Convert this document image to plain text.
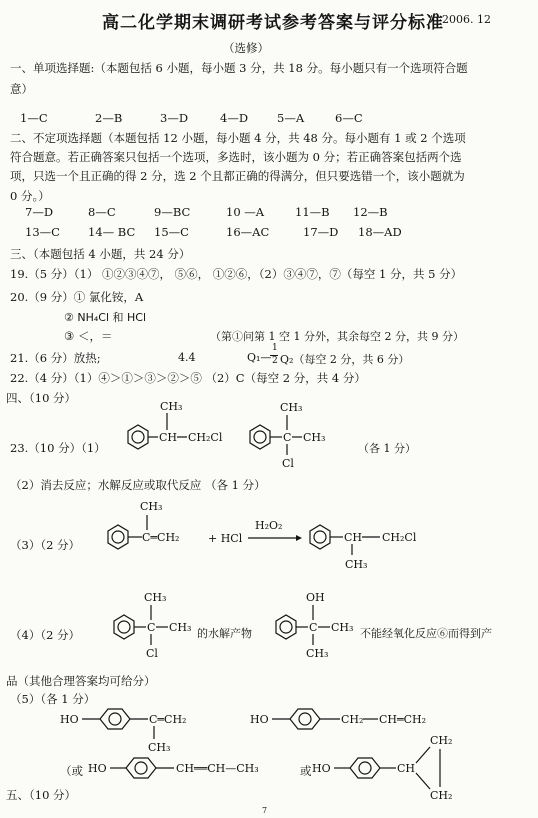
高二化学期末调研考试参考答案与评分标准
2006. 12
（选修）
一、单项选择题:（本题包括 6 小题，每小题 3 分，共 18 分。每小题只有一个选项符合题
意）
1—C	2—B	3—D	4—D	5—A	6—C
二、不定项选择题（本题包括 12 小题，每小题 4 分，共 48 分。每小题有 1 或 2 个选项
符合题意。若正确答案只包括一个选项，多选时，该小题为 0 分；若正确答案包括两个选
项，只选一个且正确的得 2 分，选 2 个且都正确的得满分，但只要选错一个，该小题就为
0 分。）
7—D	8—C	9—BC	10 —A	11—B 12—B
13—C 14— BC 15—C	16—AC	17—D 18—AD
三、（本题包括 4 小题，共 24 分）
19.（5 分）（1） ①②③④⑦， ⑤⑥， ①②⑥，（2）③④⑦，⑦（每空 1 分，共 5 分）
20.（9 分）① 氯化铵，A
② NH₄Cl 和 HCl
③ ＜，＝	（第①问第 1 空 1 分外，其余每空 2 分，共 9 分）
21.（6 分）放热;	4.4	Q₁—
1
2 Q₂（每空 2 分，共 6 分）
22.（4 分）（1）④＞①＞③＞②＞⑤ （2）C（每空 2 分，共 4 分）
四、（10 分）
23.（10 分）（1）	（各 1 分）
CH
CH₃
CH₂Cl	C
CH₃
CH₃
Cl
（2）消去反应；水解反应或取代反应 （各 1 分）
（3）（2 分）
C═CH₂
CH₃
+ HCl
H₂O₂
CH CH₂Cl
CH₃
（4）（2 分）
C
CH₃
CH₃
Cl
的水解产物	C
OH
CH₃
CH₃
不能经氧化反应⑥而得到产
品（其他合理答案均可给分）
（5）（各 1 分）
HO	C═CH₂
CH₃
HO	CH₂ CH═CH₂
（或 HO	CH══CH—CH₃	或 HO	CH
CH₂
CH₂
五、（10 分）
7
